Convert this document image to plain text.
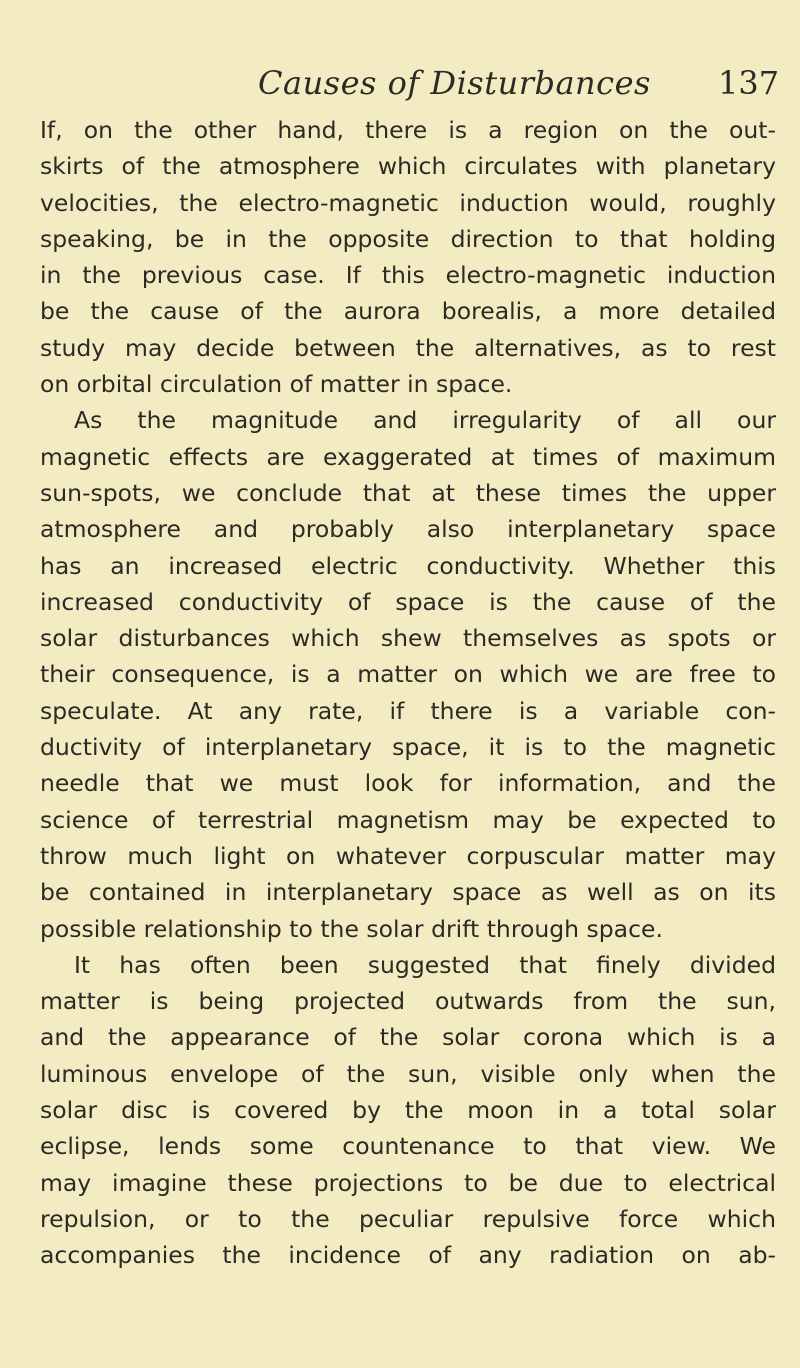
Causes of Disturbances 137
If, on the other hand, there is a region on the out-
skirts of the atmosphere which circulates with planetary
velocities, the electro-magnetic induction would, roughly
speaking, be in the opposite direction to that holding
in the previous case. If this electro-magnetic induction
be the cause of the aurora borealis, a more detailed
study may decide between the alternatives, as to rest
on orbital circulation of matter in space.
As the magnitude and irregularity of all our
magnetic effects are exaggerated at times of maximum
sun-spots, we conclude that at these times the upper
atmosphere and probably also interplanetary space
has an increased electric conductivity. Whether this
increased conductivity of space is the cause of the
solar disturbances which shew themselves as spots or
their consequence, is a matter on which we are free to
speculate. At any rate, if there is a variable con-
ductivity of interplanetary space, it is to the magnetic
needle that we must look for information, and the
science of terrestrial magnetism may be expected to
throw much light on whatever corpuscular matter may
be contained in interplanetary space as well as on its
possible relationship to the solar drift through space.
It has often been suggested that finely divided
matter is being projected outwards from the sun,
and the appearance of the solar corona which is a
luminous envelope of the sun, visible only when the
solar disc is covered by the moon in a total solar
eclipse, lends some countenance to that view. We
may imagine these projections to be due to electrical
repulsion, or to the peculiar repulsive force which
accompanies the incidence of any radiation on ab-
